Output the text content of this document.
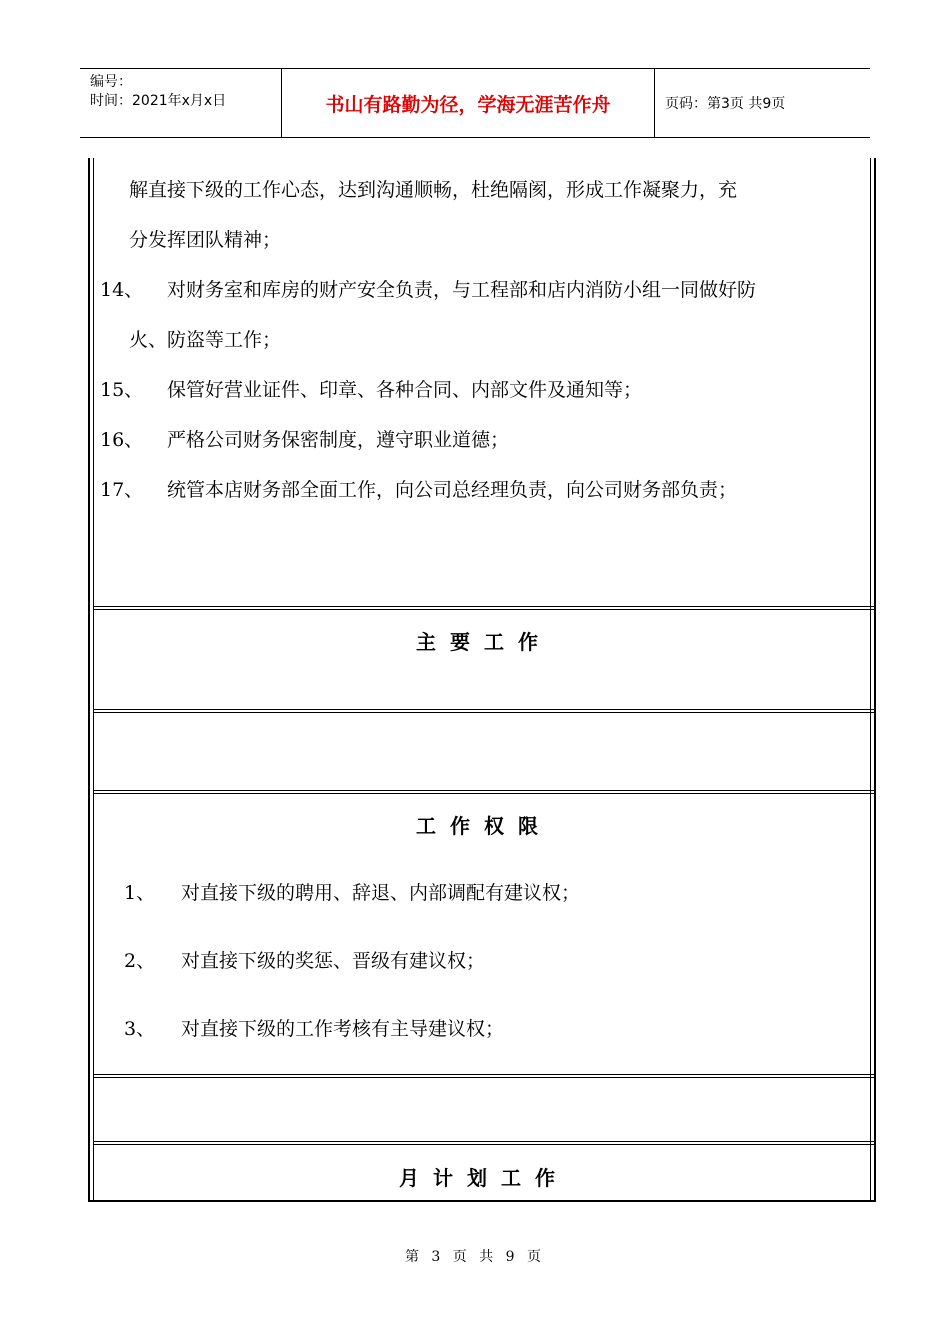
编号：
时间：2021年x月x日	书山有路勤为径，学海无涯苦作舟	页码：第3页 共9页
解直接下级的工作心态，达到沟通顺畅，杜绝隔阂，形成工作凝聚力，充
分发挥团队精神；
14、 对财务室和库房的财产安全负责，与工程部和店内消防小组一同做好防
火、防盗等工作；
15、 保管好营业证件、印章、各种合同、内部文件及通知等；
16、 严格公司财务保密制度，遵守职业道德；
17、 统管本店财务部全面工作，向公司总经理负责，向公司财务部负责；
主要工作
工作权限
1、 对直接下级的聘用、辞退、内部调配有建议权；
2、 对直接下级的奖惩、晋级有建议权；
3、 对直接下级的工作考核有主导建议权；
月计划工作
第 3 页 共 9 页
